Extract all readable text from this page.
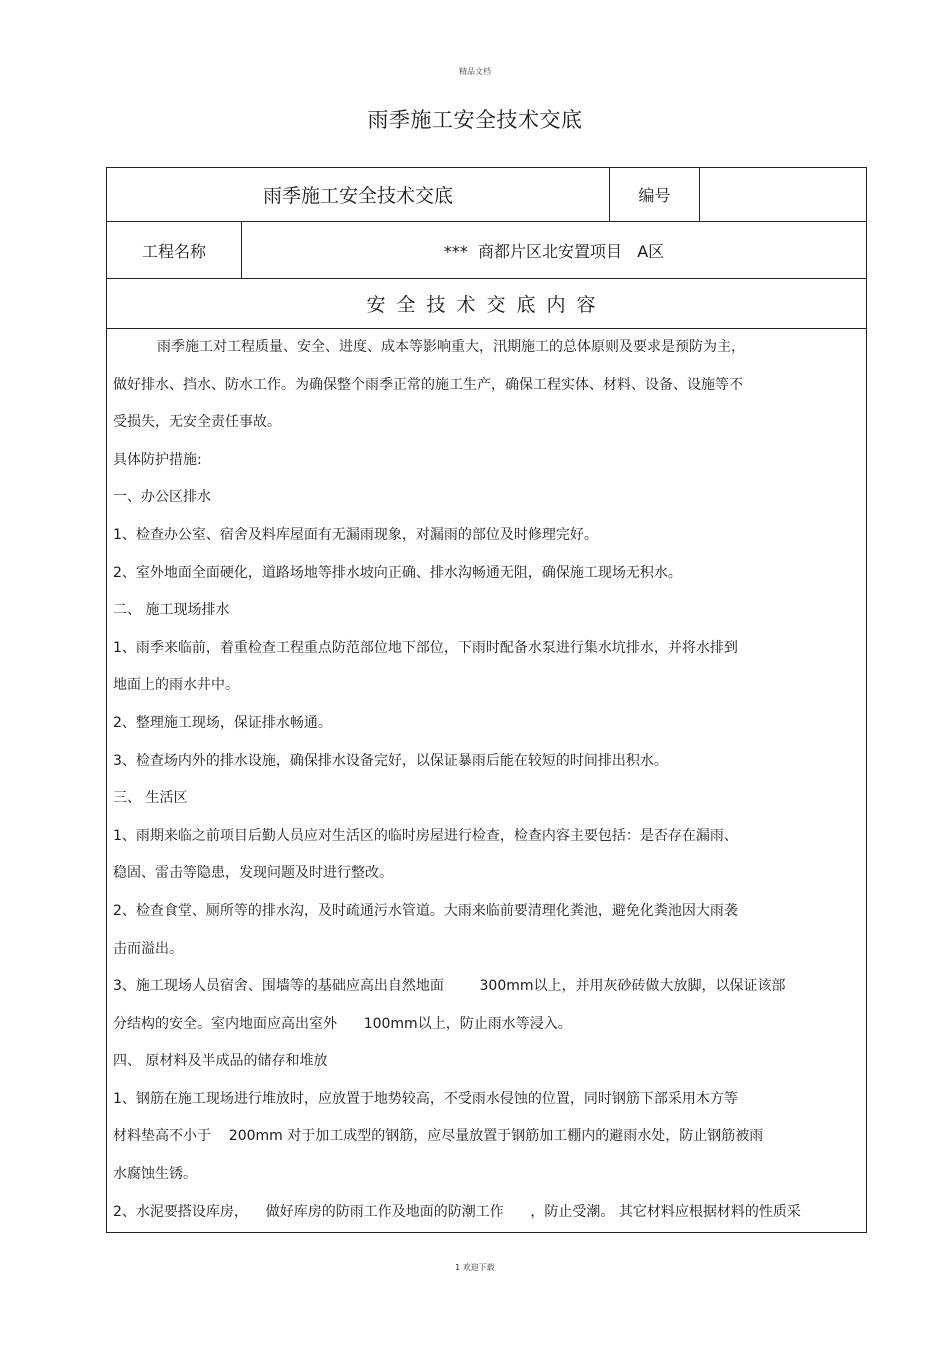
精品文档
雨季施工安全技术交底
雨季施工安全技术交底	编号
工程名称	***  商都片区北安置项目   A区
安全技术交底内容
雨季施工对工程质量、安全、进度、成本等影响重大，汛期施工的总体原则及要求是预防为主，
做好排水、挡水、防水工作。为确保整个雨季正常的施工生产，确保工程实体、材料、设备、设施等不
受损失，无安全责任事故。
具体防护措施:
一、办公区排水
1、检查办公室、宿舍及料库屋面有无漏雨现象，对漏雨的部位及时修理完好。
2、室外地面全面硬化，道路场地等排水坡向正确、排水沟畅通无阻，确保施工现场无积水。
二、 施工现场排水
1、雨季来临前，着重检查工程重点防范部位地下部位，下雨时配备水泵进行集水坑排水，并将水排到
地面上的雨水井中。
2、整理施工现场，保证排水畅通。
3、检查场内外的排水设施，确保排水设备完好，以保证暴雨后能在较短的时间排出积水。
三、 生活区
1、雨期来临之前项目后勤人员应对生活区的临时房屋进行检查，检查内容主要包括：是否存在漏雨、
稳固、雷击等隐患，发现问题及时进行整改。
2、检查食堂、厕所等的排水沟，及时疏通污水管道。大雨来临前要清理化粪池，避免化粪池因大雨袭
击而溢出。
3、施工现场人员宿舍、围墙等的基础应高出自然地面        300mm以上，并用灰砂砖做大放脚，以保证该部
分结构的安全。室内地面应高出室外      100mm以上，防止雨水等浸入。
四、 原材料及半成品的储存和堆放
1、钢筋在施工现场进行堆放时，应放置于地势较高，不受雨水侵蚀的位置，同时钢筋下部采用木方等
材料垫高不小于    200mm 对于加工成型的钢筋，应尽量放置于钢筋加工棚内的避雨水处，防止钢筋被雨
水腐蚀生锈。
2、水泥要搭设库房，    做好库房的防雨工作及地面的防潮工作      ，防止受潮。 其它材料应根据材料的性质采
1 欢迎下载
